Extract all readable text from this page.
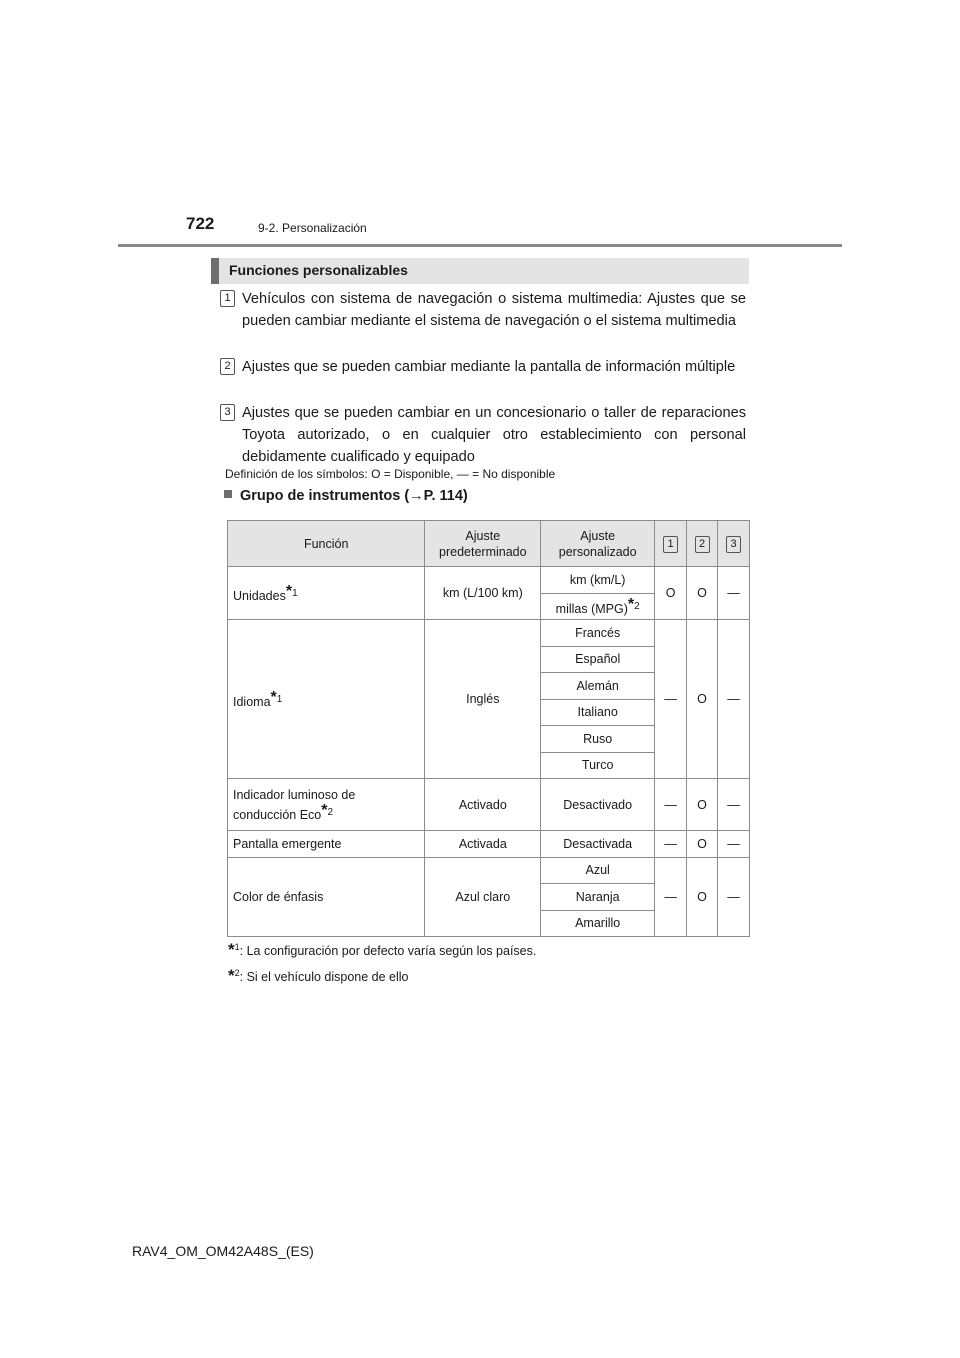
722	9-2. Personalización
Funciones personalizables
1 Vehículos con sistema de navegación o sistema multimedia: Ajustes que se pueden cambiar mediante el sistema de navegación o el sistema multimedia
2 Ajustes que se pueden cambiar mediante la pantalla de información múltiple
3 Ajustes que se pueden cambiar en un concesionario o taller de reparaciones Toyota autorizado, o en cualquier otro establecimiento con personal debidamente cualificado y equipado
Definición de los símbolos: O = Disponible, — = No disponible
Grupo de instrumentos (→P. 114)
Función	Ajuste predeterminado	Ajuste personalizado	1	2	3
Unidades$^{*1}$	km (L/100 km)	km (km/L)	O	O	—
		millas (MPG)$^{*2}$
Idioma$^{*1}$	Inglés	Francés	—	O	—
		Español			
		Alemán			
		Italiano			
		Ruso			
		Turco			
Indicador luminoso de
conducción Eco$^{*2}$	Activado	Desactivado	—	O	—
Pantalla emergente	Activada	Desactivada	—	O	—
Color de énfasis	Azul claro	Azul	—	O	—
		Naranja			
		Amarillo			
*$^1$: La configuración por defecto varía según los países.
*$^2$: Si el vehículo dispone de ello
RAV4_OM_OM42A48S_(ES)
